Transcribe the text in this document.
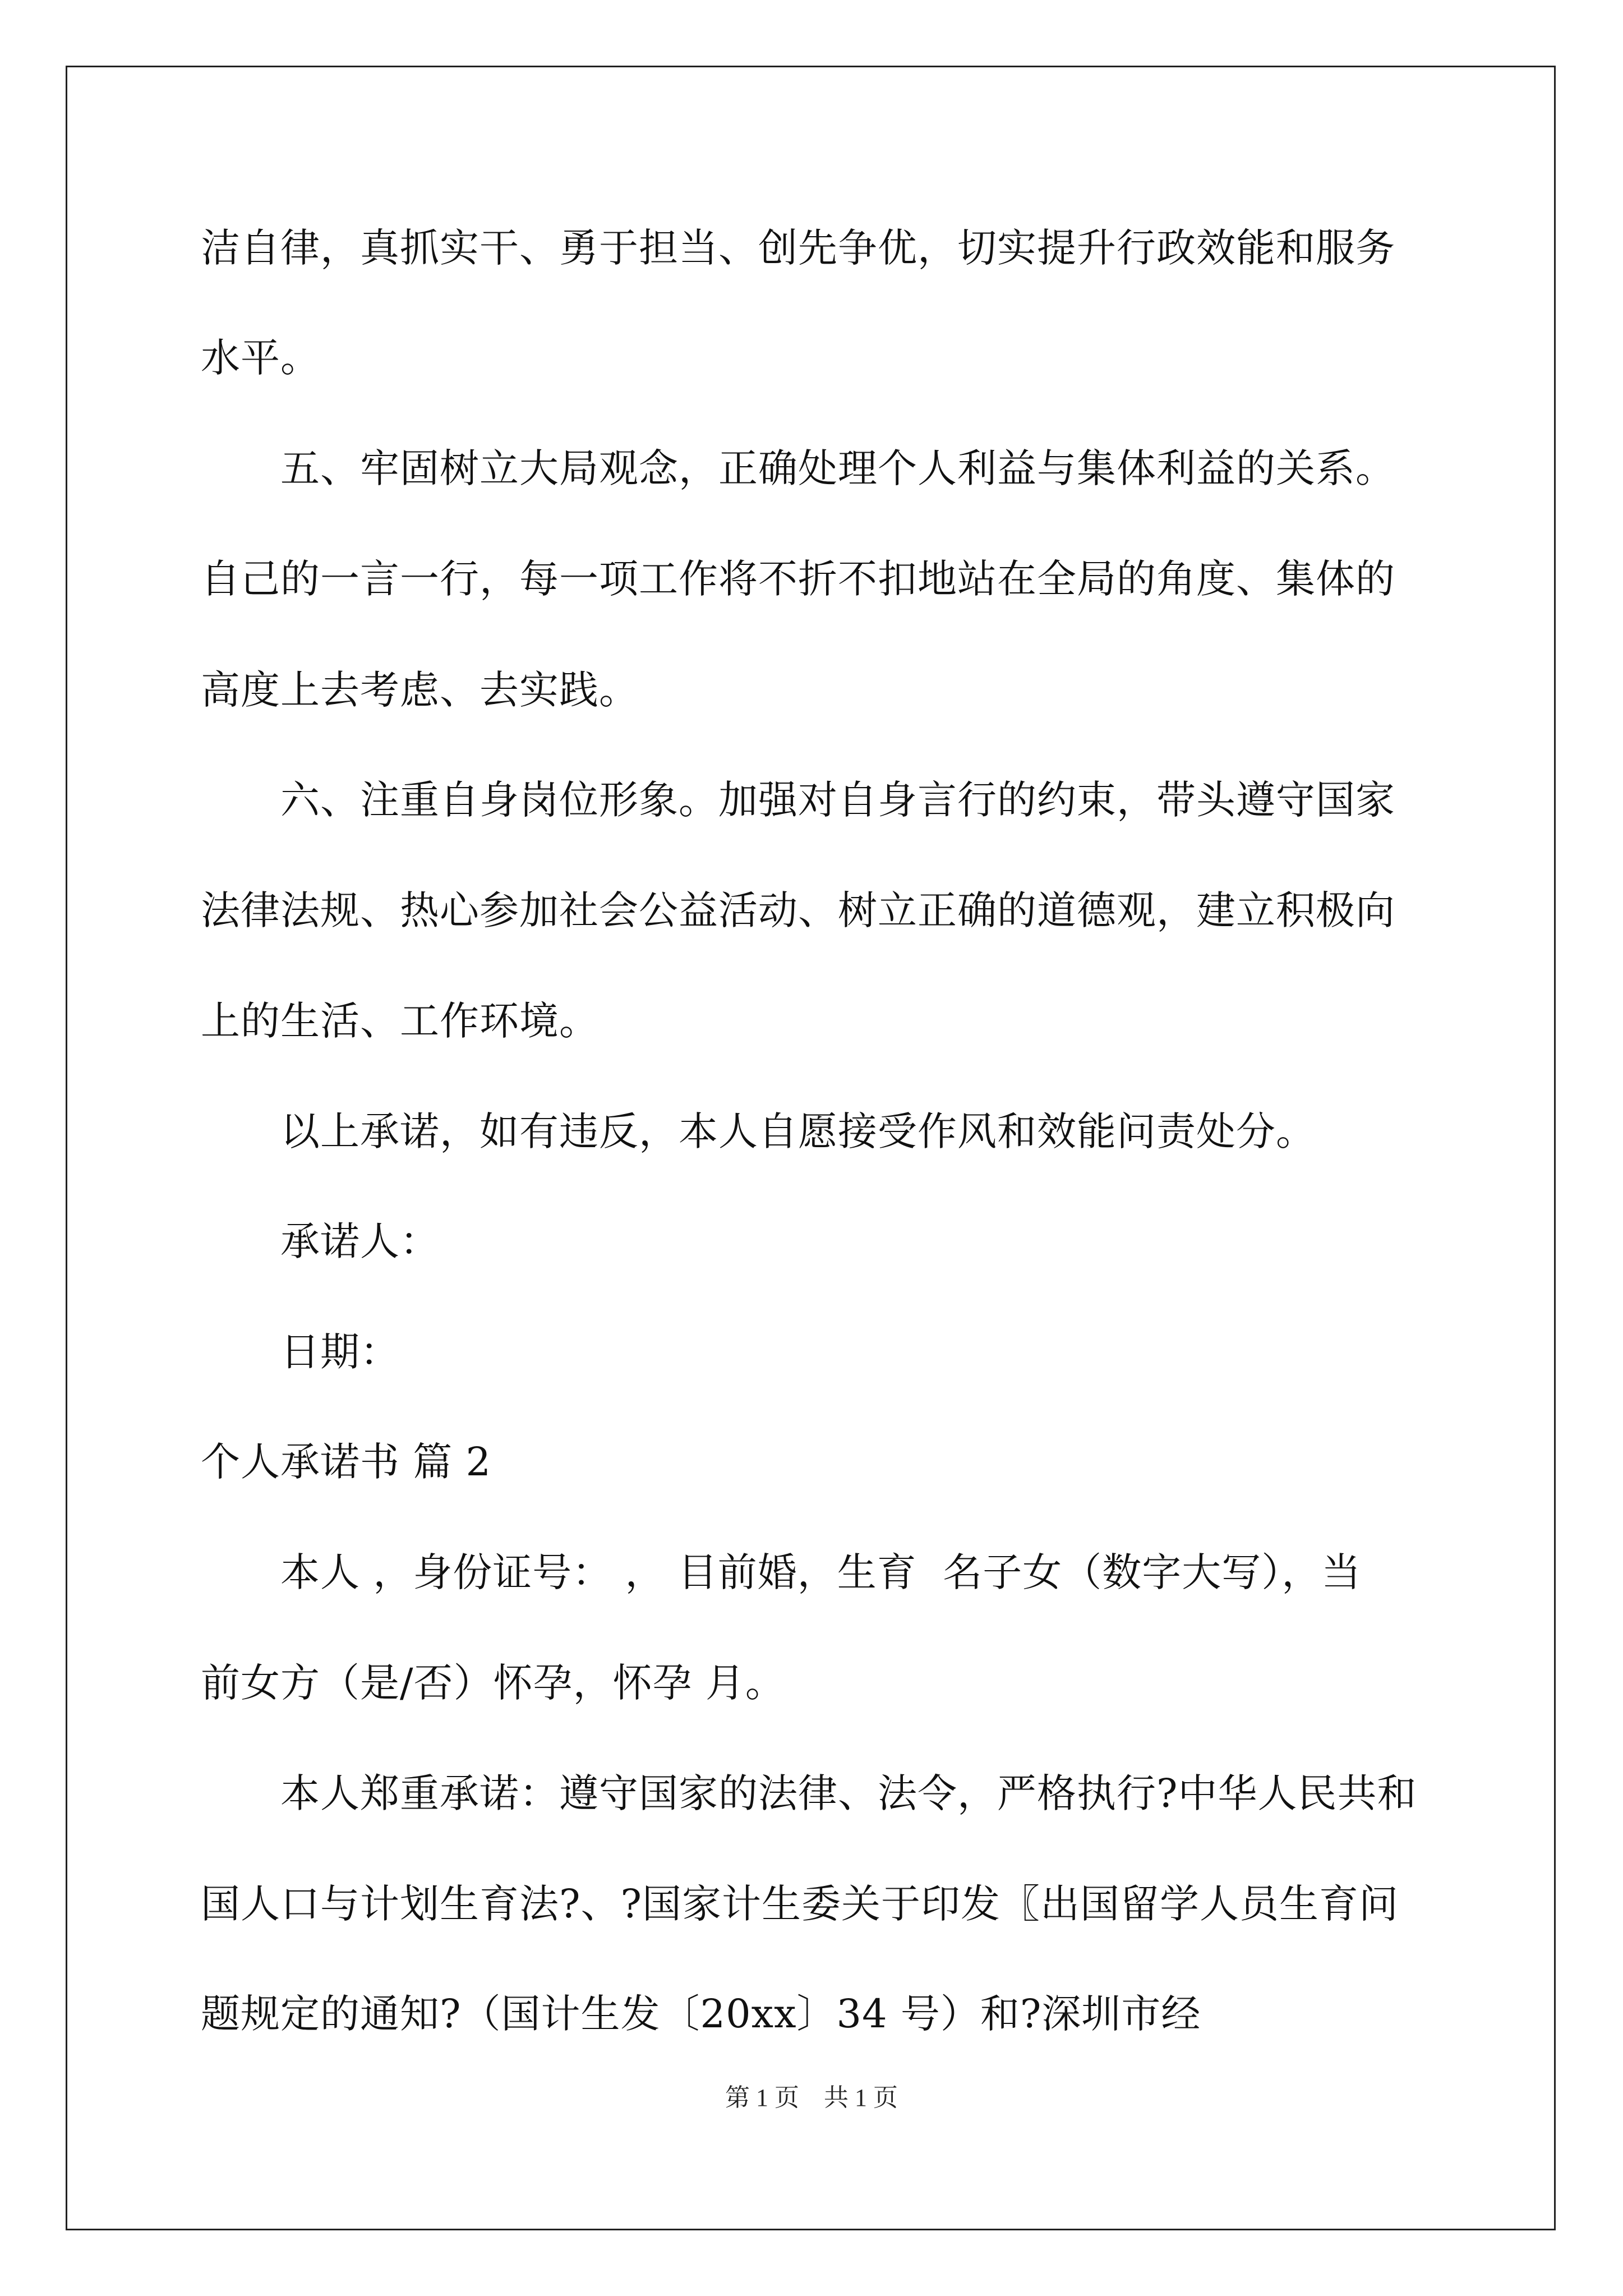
洁自律，真抓实干、勇于担当、创先争优，切实提升行政效能和服务
水平。
　　五、牢固树立大局观念，正确处理个人利益与集体利益的关系。
自己的一言一行，每一项工作将不折不扣地站在全局的角度、集体的
高度上去考虑、去实践。
　　六、注重自身岗位形象。加强对自身言行的约束，带头遵守国家
法律法规、热心参加社会公益活动、树立正确的道德观，建立积极向
上的生活、工作环境。
　　以上承诺，如有违反，本人自愿接受作风和效能问责处分。
　　承诺人：
　　日期：
个人承诺书 篇 2
　　本人 ，身份证号： ， 目前婚，生育  名子女（数字大写），当
前女方（是/否）怀孕，怀孕 月。
　　本人郑重承诺：遵守国家的法律、法令，严格执行?中华人民共和
国人口与计划生育法?、?国家计生委关于印发〖出国留学人员生育问
题规定的通知?（国计生发〔20xx〕34 号）和?深圳市经
第 1 页　共 1 页
